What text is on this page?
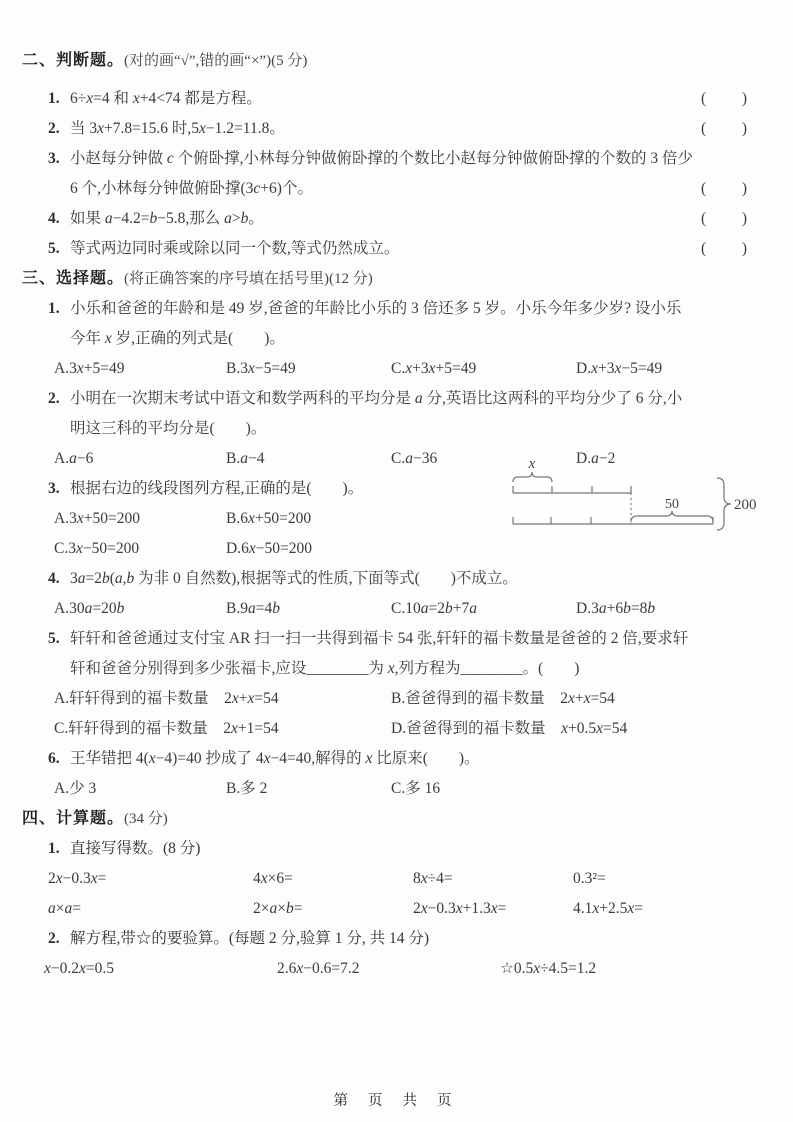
二、判断题。(对的画“√”,错的画“×”)(5 分)
1. 6÷x=4 和 x+4<74 都是方程。	( )
2. 当 3x+7.8=15.6 时,5x−1.2=11.8。	( )
3. 小赵每分钟做 c 个俯卧撑,小林每分钟做俯卧撑的个数比小赵每分钟做俯卧撑的个数的 3 倍少
6 个,小林每分钟做俯卧撑(3c+6)个。	( )
4. 如果 a−4.2=b−5.8,那么 a>b。	( )
5. 等式两边同时乘或除以同一个数,等式仍然成立。	( )
三、选择题。(将正确答案的序号填在括号里)(12 分)
1. 小乐和爸爸的年龄和是 49 岁,爸爸的年龄比小乐的 3 倍还多 5 岁。小乐今年多少岁? 设小乐
今年 x 岁,正确的列式是(　　)。
A.3x+5=49	B.3x−5=49	C.x+3x+5=49	D.x+3x−5=49
2. 小明在一次期末考试中语文和数学两科的平均分是 a 分,英语比这两科的平均分少了 6 分,小
明这三科的平均分是(　　)。
A.a−6	B.a−4	C.a−36	D.a−2
3. 根据右边的线段图列方程,正确的是(　　)。
A.3x+50=200	B.6x+50=200
C.3x−50=200	D.6x−50=200
4. 3a=2b(a,b 为非 0 自然数),根据等式的性质,下面等式(　　)不成立。
A.30a=20b	B.9a=4b	C.10a=2b+7a	D.3a+6b=8b
5. 轩轩和爸爸通过支付宝 AR 扫一扫一共得到福卡 54 张,轩轩的福卡数量是爸爸的 2 倍,要求轩
轩和爸爸分别得到多少张福卡,应设________为 x,列方程为________。(　　)
A.轩轩得到的福卡数量　2x+x=54	B.爸爸得到的福卡数量　2x+x=54
C.轩轩得到的福卡数量　2x+1=54	D.爸爸得到的福卡数量　x+0.5x=54
6. 王华错把 4(x−4)=40 抄成了 4x−4=40,解得的 x 比原来(　　)。
A.少 3	B.多 2	C.多 16
四、计算题。(34 分)
1. 直接写得数。(8 分)
2x−0.3x=	4x×6=	8x÷4=	0.3²=
a×a=	2×a×b=	2x−0.3x+1.3x=	4.1x+2.5x=
2. 解方程,带☆的要验算。(每题 2 分,验算 1 分, 共 14 分)
x−0.2x=0.5	2.6x−0.6=7.2	☆0.5x÷4.5=1.2
x
50	200
第 页 共 页
